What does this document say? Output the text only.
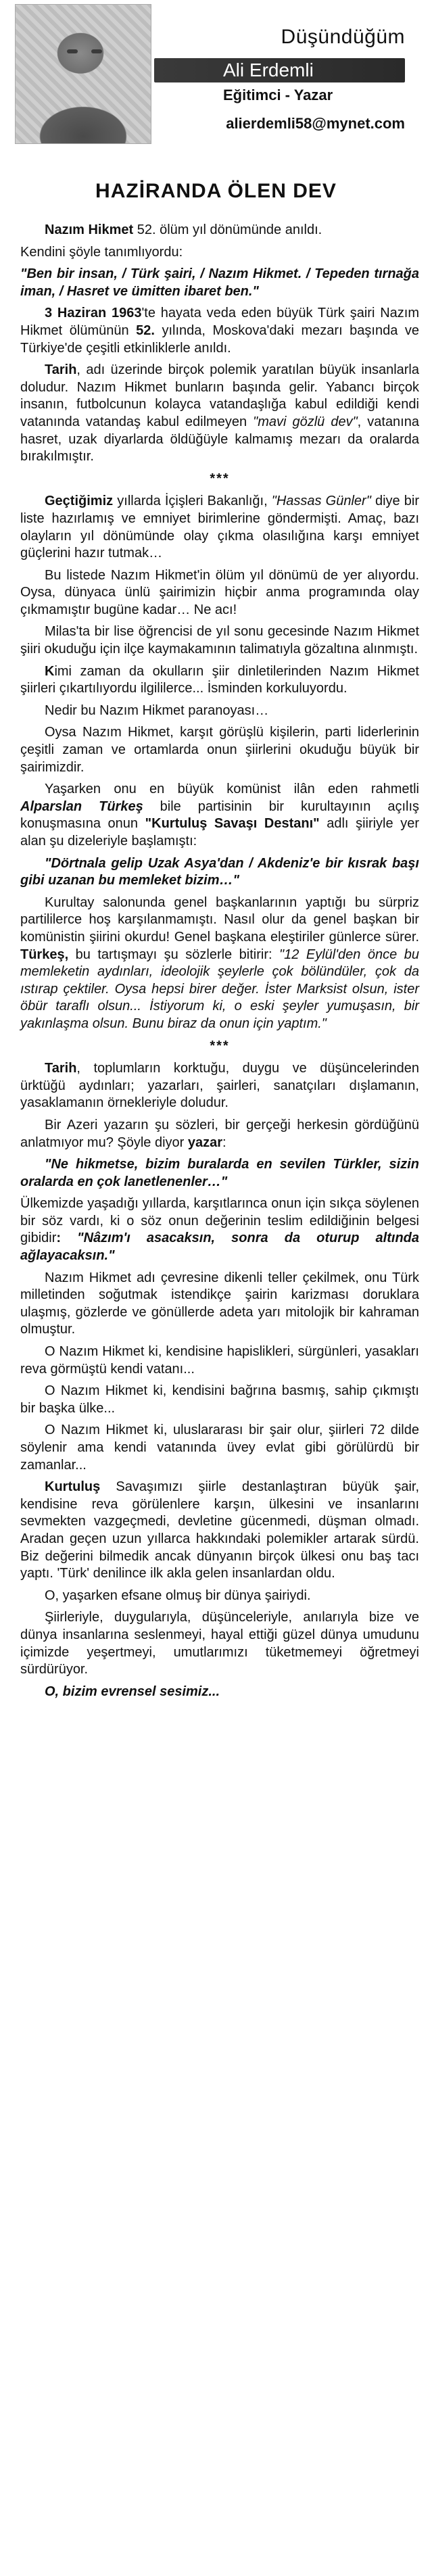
Düşündüğüm
Ali Erdemli
Eğitimci - Yazar
alierdemli58@mynet.com
HAZİRANDA ÖLEN DEV

Nazım Hikmet 52. ölüm yıl dönümünde anıldı.

Kendini şöyle tanımlıyordu:

"Ben bir insan, / Türk şairi, / Nazım Hikmet. / Tepeden tırnağa iman, / Hasret ve ümitten ibaret ben."

3 Haziran 1963'te hayata veda eden büyük Türk şairi Nazım Hikmet ölümünün 52. yılında, Moskova'daki mezarı başında ve Türkiye'de çeşitli etkinliklerle anıldı.

Tarih, adı üzerinde birçok polemik yaratılan büyük insanlarla doludur. Nazım Hikmet bunların başında gelir. Yabancı birçok insanın, futbolcunun kolayca vatandaşlığa kabul edildiği kendi vatanında vatandaş kabul edilmeyen "mavi gözlü dev", vatanına hasret, uzak diyarlarda öldüğüyle kalmamış mezarı da oralarda bırakılmıştır.

***

Geçtiğimiz yıllarda İçişleri Bakanlığı, "Hassas Günler" diye bir liste hazırlamış ve emniyet birimlerine göndermişti. Amaç, bazı olayların yıl dönümünde olay çıkma olasılığına karşı emniyet güçlerini hazır tutmak…

Bu listede Nazım Hikmet'in ölüm yıl dönümü de yer alıyordu. Oysa, dünyaca ünlü şairimizin hiçbir anma programında olay çıkmamıştır bugüne kadar… Ne acı!

Milas'ta bir lise öğrencisi de yıl sonu gecesinde Nazım Hikmet şiiri okuduğu için ilçe kaymakamının talimatıyla gözaltına alınmıştı.

Kimi zaman da okulların şiir dinletilerinden Nazım Hikmet şiirleri çıkartılıyordu ilgililerce... İsminden korkuluyordu.

Nedir bu Nazım Hikmet paranoyası…

Oysa Nazım Hikmet, karşıt görüşlü kişilerin, parti liderlerinin çeşitli zaman ve ortamlarda onun şiirlerini okuduğu büyük bir şairimizdir.

Yaşarken onu en büyük komünist ilân eden rahmetli Alparslan Türkeş bile partisinin bir kurultayının açılış konuşmasına onun "Kurtuluş Savaşı Destanı" adlı şiiriyle yer alan şu dizeleriyle başlamıştı:

"Dörtnala gelip Uzak Asya'dan / Akdeniz'e bir kısrak başı gibi uzanan bu memleket bizim…"

Kurultay salonunda genel başkanlarının yaptığı bu sürpriz partililerce hoş karşılanmamıştı. Nasıl olur da genel başkan bir komünistin şiirini okurdu! Genel başkana eleştiriler günlerce sürer. Türkeş, bu tartışmayı şu sözlerle bitirir: "12 Eylül'den önce bu memleketin aydınları, ideolojik şeylerle çok bölündüler, çok da ıstırap çektiler. Oysa hepsi birer değer. İster Marksist olsun, ister öbür taraflı olsun... İstiyorum ki, o eski şeyler yumuşasın, bir yakınlaşma olsun. Bunu biraz da onun için yaptım."

***

Tarih, toplumların korktuğu, duygu ve düşüncelerinden ürktüğü aydınları; yazarları, şairleri, sanatçıları dışlamanın, yasaklamanın örnekleriyle doludur.

Bir Azeri yazarın şu sözleri, bir gerçeği herkesin gördüğünü anlatmıyor mu? Şöyle diyor yazar:

"Ne hikmetse, bizim buralarda en sevilen Türkler, sizin oralarda en çok lanetlenenler…"

Ülkemizde yaşadığı yıllarda, karşıtlarınca onun için sıkça söylenen bir söz vardı, ki o söz onun değerinin teslim edildiğinin belgesi gibidir: "Nâzım'ı asacaksın, sonra da oturup altında ağlayacaksın."

Nazım Hikmet adı çevresine dikenli teller çekilmek, onu Türk milletinden soğutmak istendikçe şairin karizması doruklara ulaşmış, gözlerde ve gönüllerde adeta yarı mitolojik bir kahraman olmuştur.

O Nazım Hikmet ki, kendisine hapislikleri, sürgünleri, yasakları reva görmüştü kendi vatanı...

O Nazım Hikmet ki, kendisini bağrına basmış, sahip çıkmıştı bir başka ülke...

O Nazım Hikmet ki, uluslararası bir şair olur, şiirleri 72 dilde söylenir ama kendi vatanında üvey evlat gibi görülürdü bir zamanlar...

Kurtuluş Savaşımızı şiirle destanlaştıran büyük şair, kendisine reva görülenlere karşın, ülkesini ve insanlarını sevmekten vazgeçmedi, devletine gücenmedi, düşman olmadı. Aradan geçen uzun yıllarca hakkındaki polemikler artarak sürdü. Biz değerini bilmedik ancak dünyanın birçok ülkesi onu baş tacı yaptı. 'Türk' denilince ilk akla gelen insanlardan oldu.

O, yaşarken efsane olmuş bir dünya şairiydi.

Şiirleriyle, duygularıyla, düşünceleriyle, anılarıyla bize ve dünya insanlarına seslenmeyi, hayal ettiği güzel dünya umudunu içimizde yeşertmeyi, umutlarımızı tüketmemeyi öğretmeyi sürdürüyor.

O, bizim evrensel sesimiz...
